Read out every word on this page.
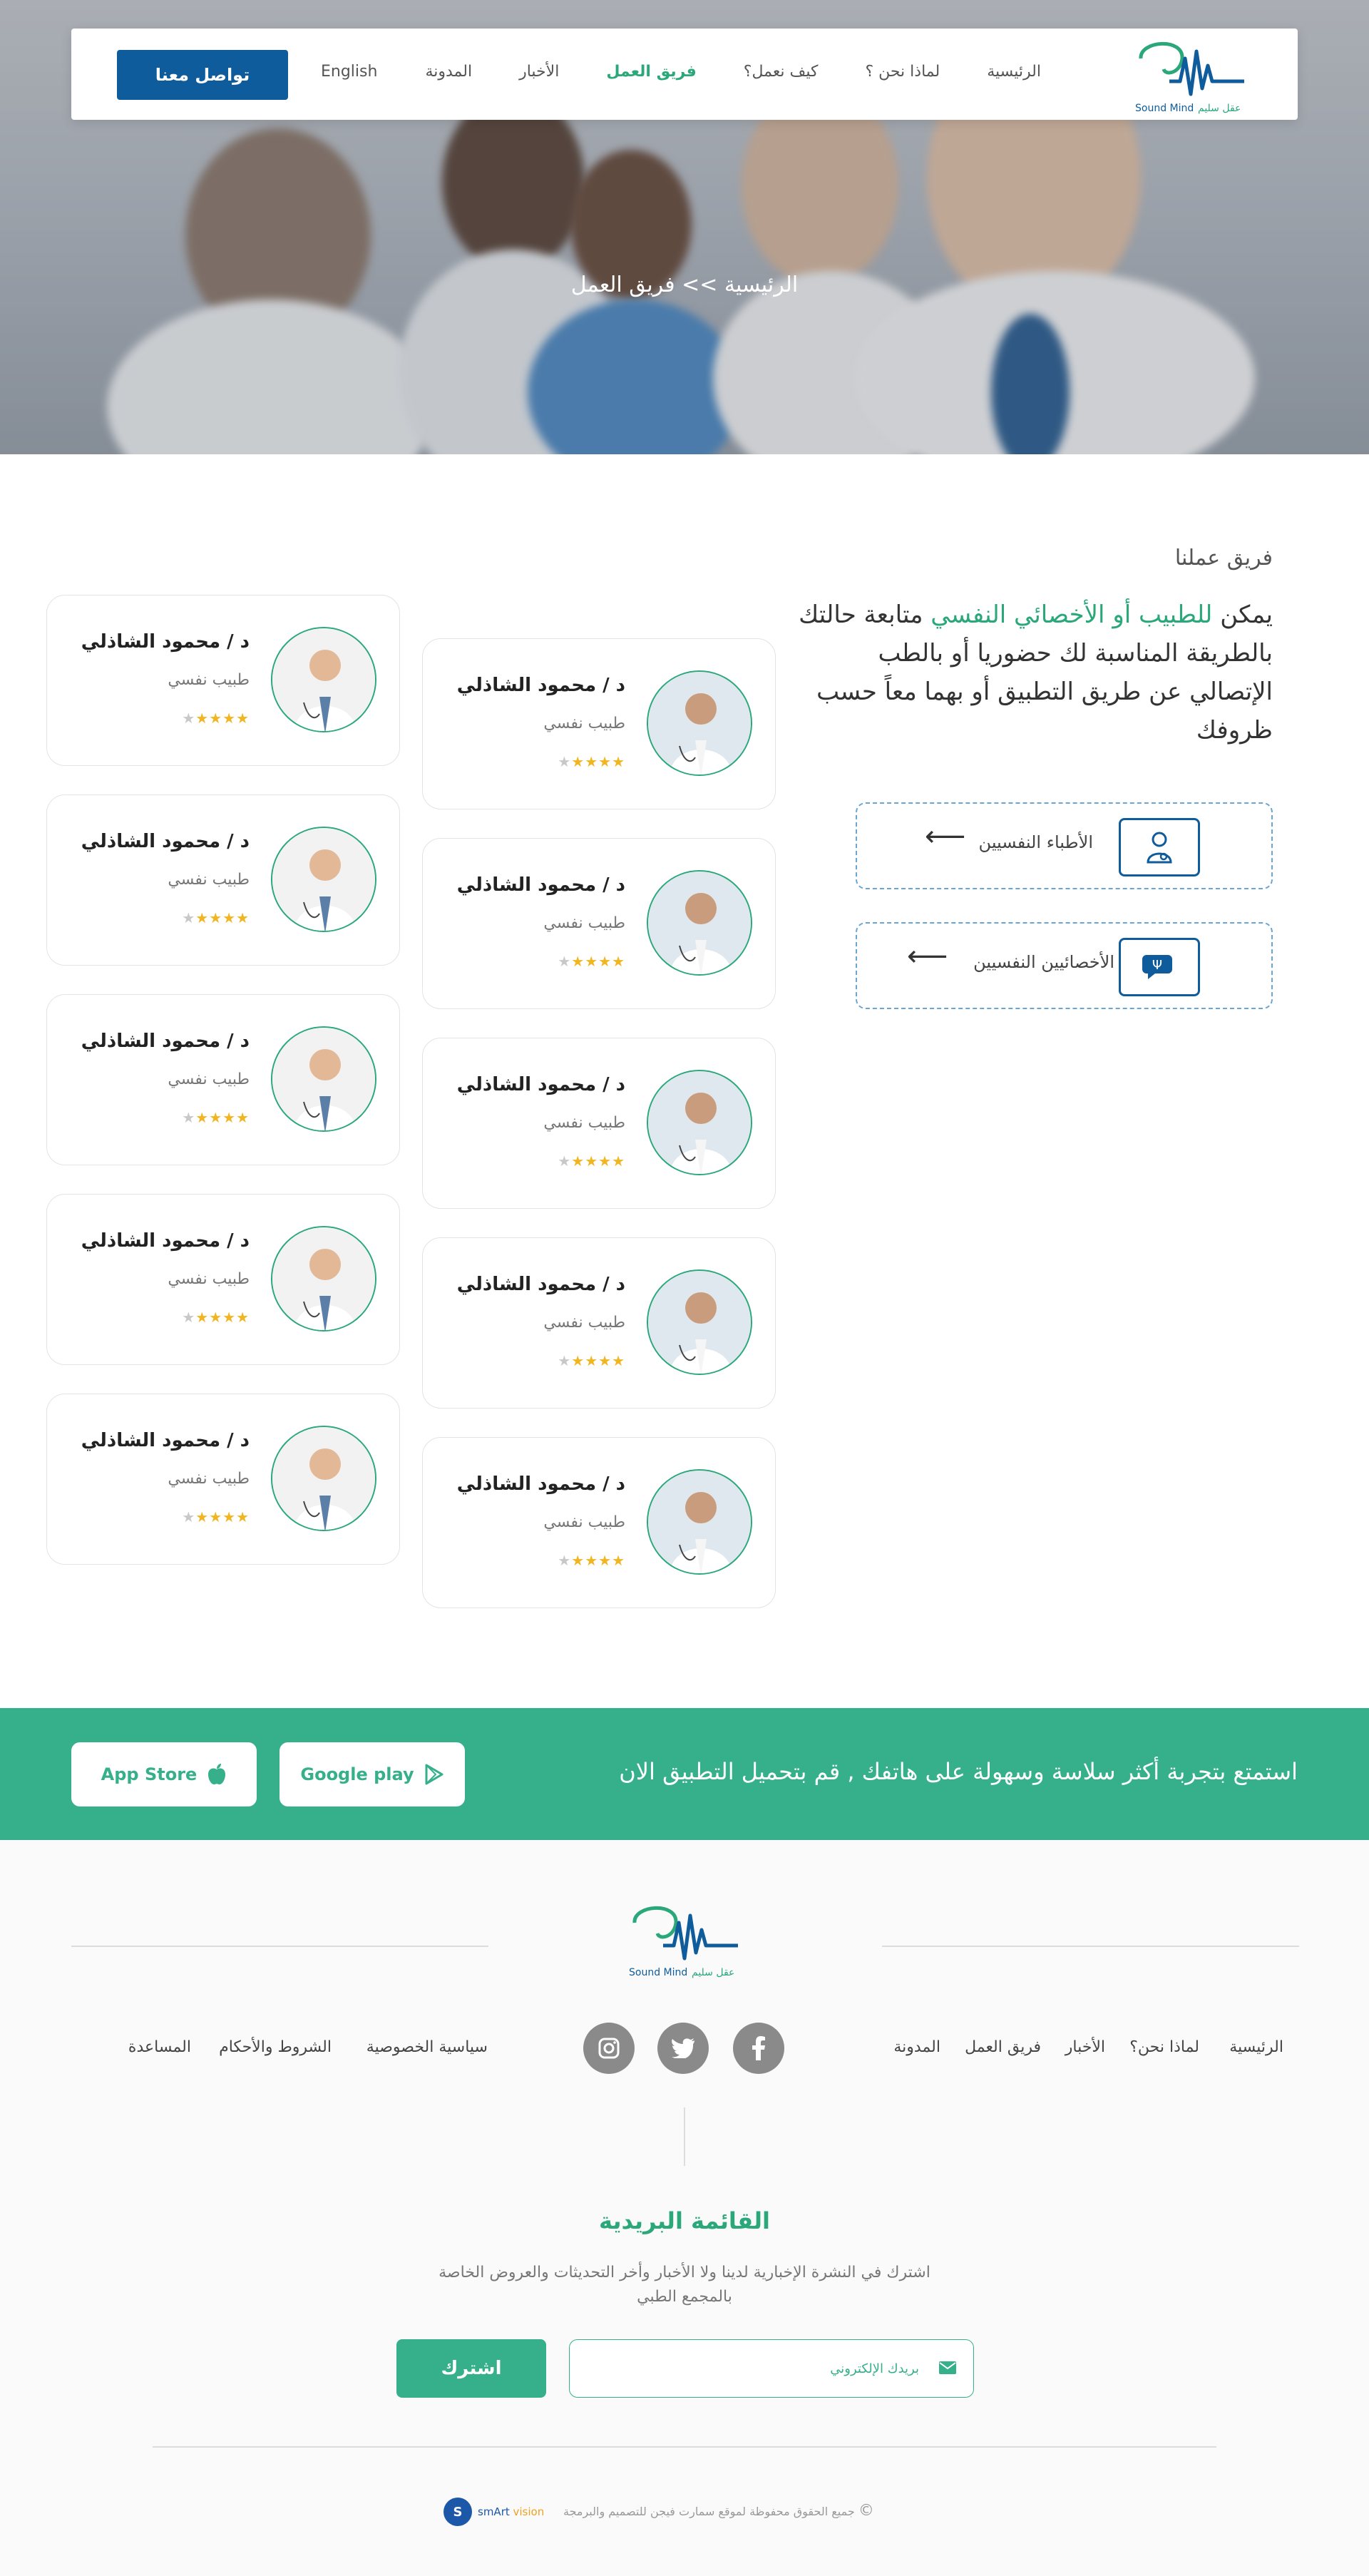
الرئيسية >> فريق العمل
تواصل معنا	English	الرئيسية
لماذا نحن ؟
كيف نعمل؟
فريق العمل
الأخبار
المدونة
Sound Mind عقل سليم
فريق عملنا
يمكن للطبيب أو الأخصائي النفسي متابعة حالتك بالطريقة المناسبة لك حضوريا أو بالطب الإتصالي عن طريق التطبيق أو بهما معاً حسب ظروفك
الأطباء النفسيين
⟵
Ψ
الأخصائيين النفسيين
⟵
د / محمود الشاذلي
طبيب نفسي
★★★★★
د / محمود الشاذلي
طبيب نفسي
★★★★★
د / محمود الشاذلي
طبيب نفسي
★★★★★
د / محمود الشاذلي
طبيب نفسي
★★★★★
د / محمود الشاذلي
طبيب نفسي
★★★★★
د / محمود الشاذلي
طبيب نفسي
★★★★★
د / محمود الشاذلي
طبيب نفسي
★★★★★
د / محمود الشاذلي
طبيب نفسي
★★★★★
د / محمود الشاذلي
طبيب نفسي
★★★★★
د / محمود الشاذلي
طبيب نفسي
★★★★★
استمتع بتجربة أكثر سلاسة وسهولة على هاتفك , قم بتحميل التطبيق الان
Google play
App Store
Sound Mind عقل سليم
الرئيسية
لماذا نحن؟
الأخبار
فريق العمل
المدونة
سياسية الخصوصية
الشروط والأحكام
المساعدة
القائمة البريدية
اشترك في النشرة الإخبارية لدينا ولا الأخبار وأخر التحديثات والعروض الخاصة بالمجمع الطبي
بريدك الإلكتروني
اشترك
© جميع الحقوق محفوظة لموقع سمارت فيجن للتصميم والبرمجة
S	smArt vision
